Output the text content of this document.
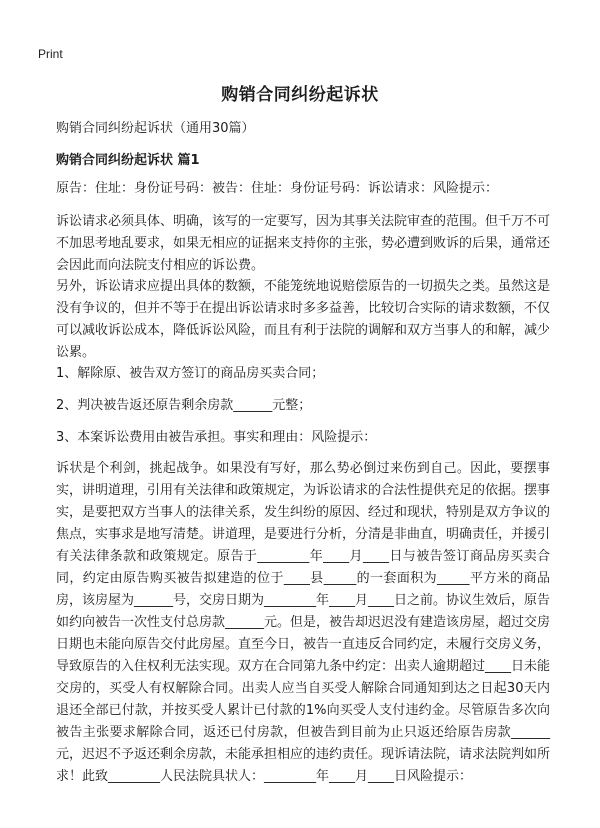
Print
购销合同纠纷起诉状
购销合同纠纷起诉状（通用30篇）
购销合同纠纷起诉状 篇1
原告：住址：身份证号码：被告：住址：身份证号码：诉讼请求：风险提示：
诉讼请求必须具体、明确，该写的一定要写，因为其事关法院审查的范围。但千万不可不加思考地乱要求，如果无相应的证据来支持你的主张，势必遭到败诉的后果，通常还会因此而向法院支付相应的诉讼费。
另外，诉讼请求应提出具体的数额，不能笼统地说赔偿原告的一切损失之类。虽然这是没有争议的，但并不等于在提出诉讼请求时多多益善，比较切合实际的请求数额，不仅可以减收诉讼成本，降低诉讼风险，而且有利于法院的调解和双方当事人的和解，减少讼累。
1、解除原、被告双方签订的商品房买卖合同；
2、判决被告返还原告剩余房款______元整；
3、本案诉讼费用由被告承担。事实和理由：风险提示：
诉状是个利剑，挑起战争。如果没有写好，那么势必倒过来伤到自己。因此，要摆事实，讲明道理，引用有关法律和政策规定，为诉讼请求的合法性提供充足的依据。摆事实，是要把双方当事人的法律关系，发生纠纷的原因、经过和现状，特别是双方争议的焦点，实事求是地写清楚。讲道理，是要进行分析，分清是非曲直，明确责任，并援引有关法律条款和政策规定。原告于________年____月____日与被告签订商品房买卖合同，约定由原告购买被告拟建造的位于____县_____的一套面积为_____平方米的商品房，该房屋为______号，交房日期为________年____月____日之前。协议生效后，原告如约向被告一次性支付总房款______元。但是，被告却迟迟没有建造该房屋，超过交房日期也未能向原告交付此房屋。直至今日，被告一直违反合同约定，未履行交房义务，导致原告的入住权利无法实现。双方在合同第九条中约定：出卖人逾期超过____日未能交房的，买受人有权解除合同。出卖人应当自买受人解除合同通知到达之日起30天内退还全部已付款，并按买受人累计已付款的1%向买受人支付违约金。尽管原告多次向被告主张要求解除合同，返还已付房款，但被告到目前为止只返还给原告房款______元，迟迟不予返还剩余房款，未能承担相应的违约责任。现诉请法院，请求法院判如所求！此致________人民法院具状人：________年____月____日风险提示：
